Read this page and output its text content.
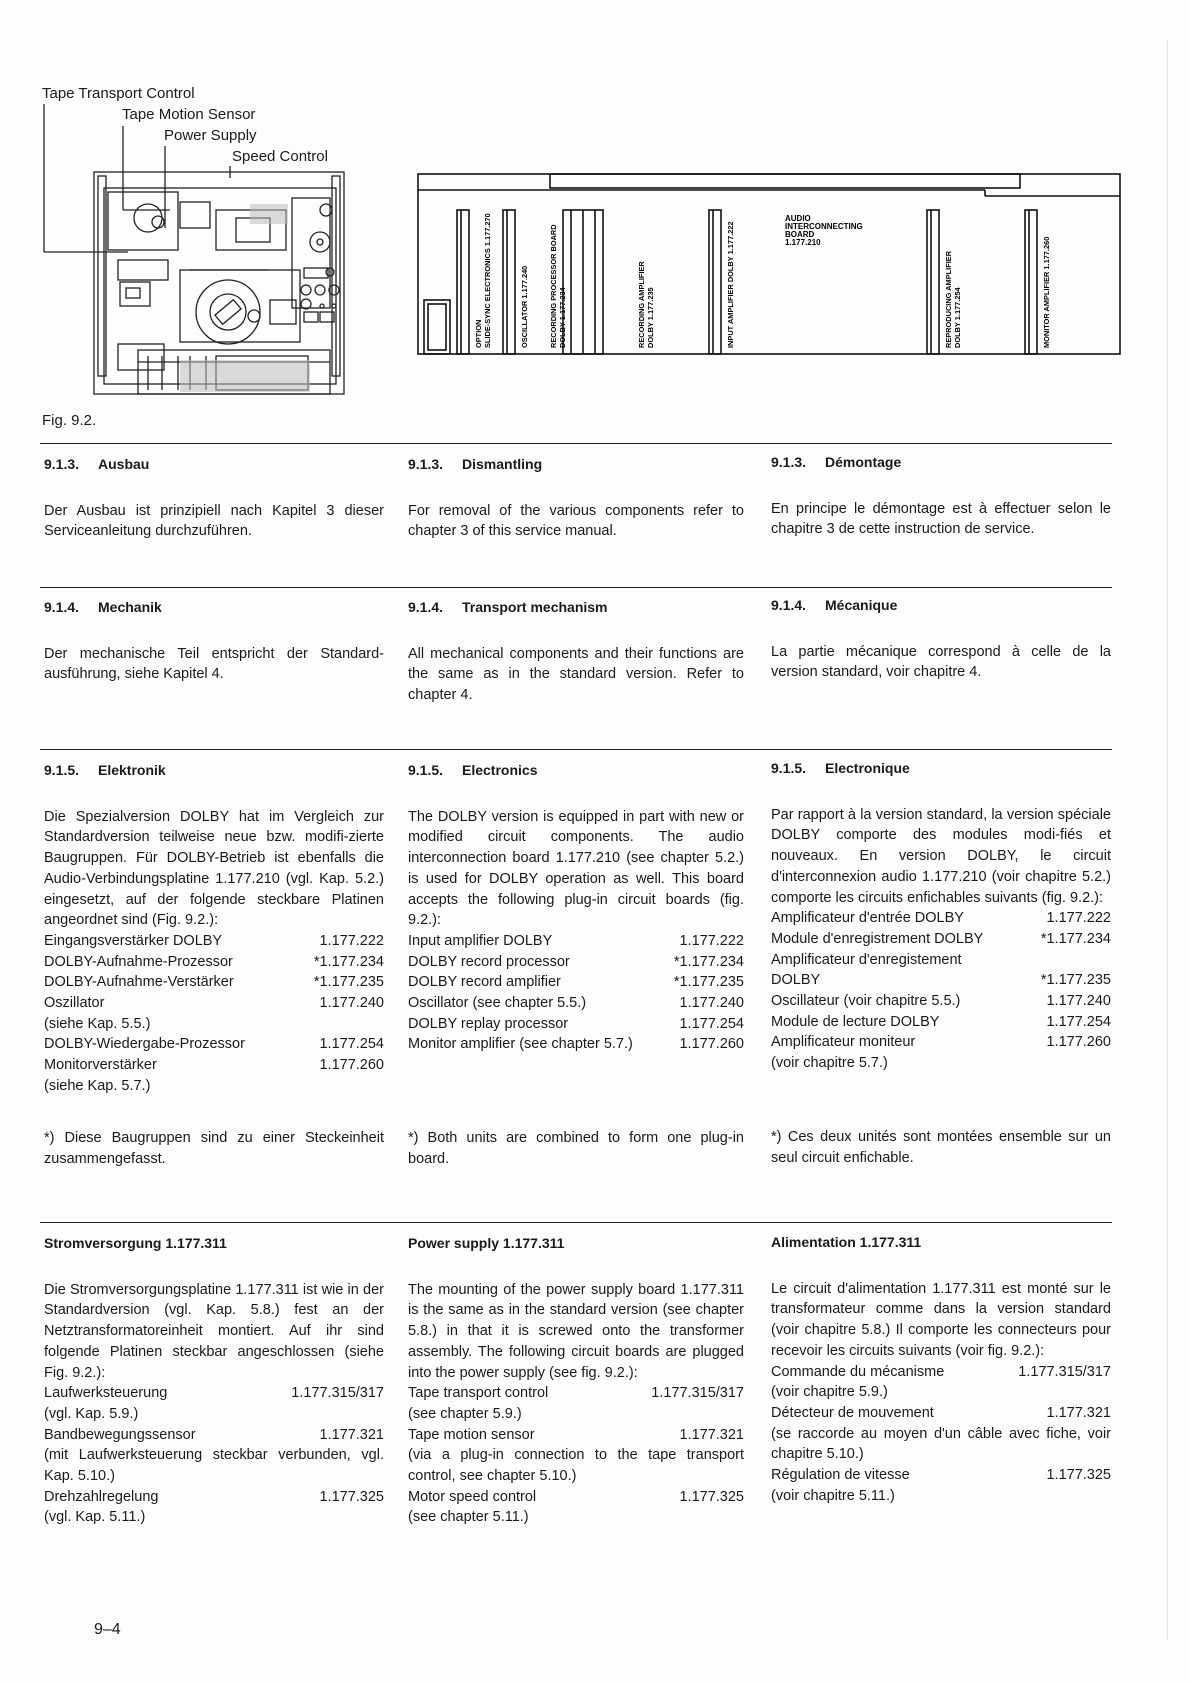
Tape Transport Control
Tape Motion Sensor
Power Supply
Speed Control
AUDIO
INTERCONNECTING
BOARD
1.177.210
OPTION SLIDE-SYNC ELECTRONICS 1.177.270	OSCILLATOR 1.177.240	RECORDING PROCESSOR BOARD DOLBY 1.177.234	RECORDING AMPLIFIER DOLBY 1.177.235	INPUT AMPLIFIER DOLBY 1.177.222	REPRODUCING AMPLIFIER DOLBY 1.177.254	MONITOR AMPLIFIER 1.177.260
Fig. 9.2.
9.1.3. Ausbau

Der Ausbau ist prinzipiell nach Kapitel 3 dieser Serviceanleitung durchzuführen.

9.1.3. Dismantling

For removal of the various components refer to chapter 3 of this service manual.

9.1.3. Démontage

En principe le démontage est à effectuer selon le chapitre 3 de cette instruction de service.

9.1.4. Mechanik

Der mechanische Teil entspricht der Standard-ausführung, siehe Kapitel 4.

9.1.4. Transport mechanism

All mechanical components and their functions are the same as in the standard version. Refer to chapter 4.

9.1.4. Mécanique

La partie mécanique correspond à celle de la version standard, voir chapitre 4.

9.1.5. Elektronik

Die Spezialversion DOLBY hat im Vergleich zur Standardversion teilweise neue bzw. modifi-zierte Baugruppen. Für DOLBY-Betrieb ist ebenfalls die Audio-Verbindungsplatine 1.177.210 (vgl. Kap. 5.2.) eingesetzt, auf der folgende steckbare Platinen angeordnet sind (Fig. 9.2.):

Eingangsverstärker DOLBY	1.177.222
DOLBY-Aufnahme-Prozessor	*1.177.234
DOLBY-Aufnahme-Verstärker	*1.177.235
Oszillator	1.177.240
(siehe Kap. 5.5.)
DOLBY-Wiedergabe-Prozessor	1.177.254
Monitorverstärker	1.177.260
(siehe Kap. 5.7.)
9.1.5. Electronics

The DOLBY version is equipped in part with new or modified circuit components. The audio interconnection board 1.177.210 (see chapter 5.2.) is used for DOLBY operation as well. This board accepts the following plug-in circuit boards (fig. 9.2.):

Input amplifier DOLBY	1.177.222
DOLBY record processor	*1.177.234
DOLBY record amplifier	*1.177.235
Oscillator (see chapter 5.5.)	1.177.240
DOLBY replay processor	1.177.254
Monitor amplifier (see chapter 5.7.)	1.177.260
9.1.5. Electronique

Par rapport à la version standard, la version spéciale DOLBY comporte des modules modi-fiés et nouveaux. En version DOLBY, le circuit d'interconnexion audio 1.177.210 (voir chapitre 5.2.) comporte les circuits enfichables suivants (fig. 9.2.):

Amplificateur d'entrée DOLBY	1.177.222
Module d'enregistrement DOLBY	*1.177.234
Amplificateur d'enregistement
DOLBY	*1.177.235
Oscillateur (voir chapitre 5.5.)	1.177.240
Module de lecture DOLBY	1.177.254
Amplificateur moniteur	1.177.260
(voir chapitre 5.7.)

*) Diese Baugruppen sind zu einer Steckeinheit zusammengefasst.

*) Both units are combined to form one plug-in board.

*) Ces deux unités sont montées ensemble sur un seul circuit enfichable.

Stromversorgung 1.177.311

Die Stromversorgungsplatine 1.177.311 ist wie in der Standardversion (vgl. Kap. 5.8.) fest an der Netztransformatoreinheit montiert. Auf ihr sind folgende Platinen steckbar angeschlossen (siehe Fig. 9.2.):

Laufwerksteuerung	1.177.315/317
(vgl. Kap. 5.9.)
Bandbewegungssensor	1.177.321

(mit Laufwerksteuerung steckbar verbunden, vgl. Kap. 5.10.)

Drehzahlregelung	1.177.325
(vgl. Kap. 5.11.)
Power supply 1.177.311

The mounting of the power supply board 1.177.311 is the same as in the standard version (see chapter 5.8.) in that it is screwed onto the transformer assembly. The following circuit boards are plugged into the power supply (see fig. 9.2.):

Tape transport control	1.177.315/317
(see chapter 5.9.)
Tape motion sensor	1.177.321

(via a plug-in connection to the tape transport control, see chapter 5.10.)

Motor speed control	1.177.325
(see chapter 5.11.)
Alimentation 1.177.311

Le circuit d'alimentation 1.177.311 est monté sur le transformateur comme dans la version standard (voir chapitre 5.8.) Il comporte les connecteurs pour recevoir les circuits suivants (voir fig. 9.2.):

Commande du mécanisme	1.177.315/317
(voir chapitre 5.9.)
Détecteur de mouvement	1.177.321

(se raccorde au moyen d'un câble avec fiche, voir chapitre 5.10.)

Régulation de vitesse	1.177.325
(voir chapitre 5.11.)
9–4
